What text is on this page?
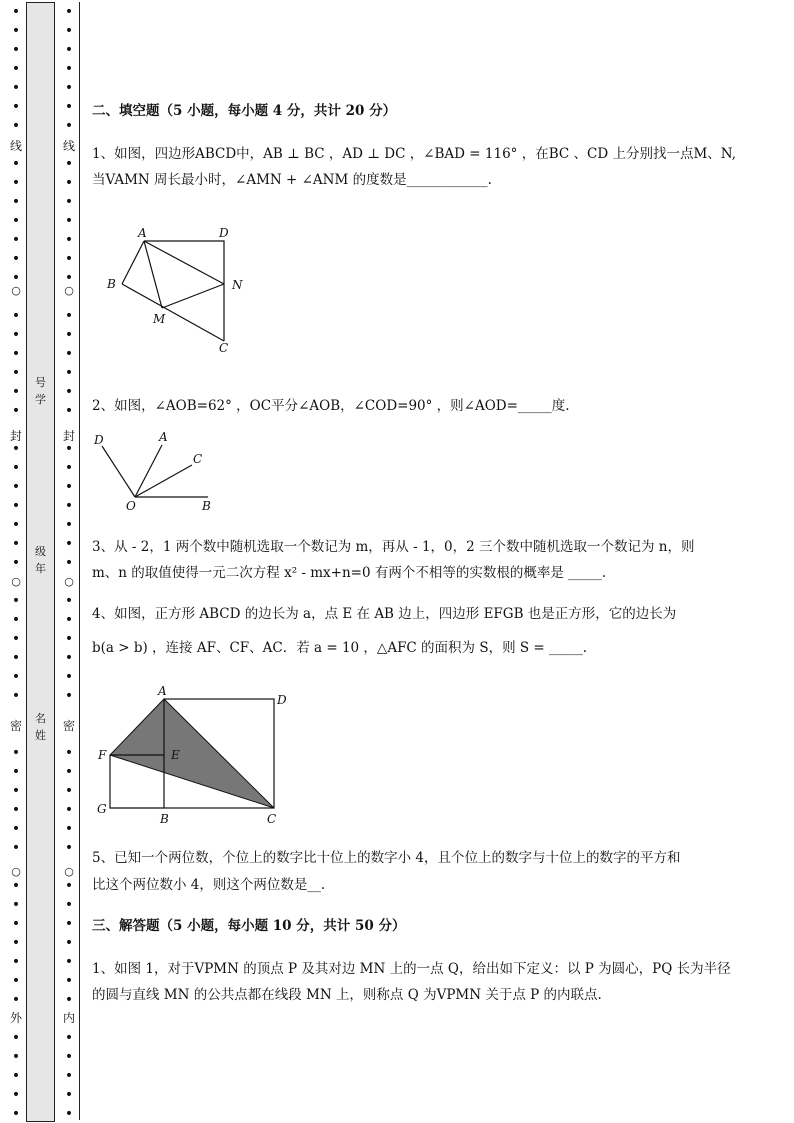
线
封
密
外
○
○
○
•
•
•
•
•
•
•
•
•
•
•
•
•
•
•
•
•
•
•
•
•
•
•
•
•
•
•
•
•
•
•
•
•
•
•
•
•
•
•
•
•
•
•
•
•
•
•
•
•
•
•
线
封
密
内
○
○
○
•
•
•
•
•
•
•
•
•
•
•
•
•
•
•
•
•
•
•
•
•
•
•
•
•
•
•
•
•
•
•
•
•
•
•
•
•
•
•
•
•
•
•
•
•
•
•
•
•
•
•
号
学
级
年
名
姓
二、填空题（5 小题，每小题 4 分，共计 20 分）
1、如图，四边形ABCD中，AB ⊥ BC ，AD ⊥ DC ，∠BAD = 116° ，在BC 、CD 上分别找一点M、N,
当VAMN 周长最小时，∠AMN + ∠ANM 的度数是____________.
A	D
B	N
M
C
2、如图，∠AOB=62° ，OC平分∠AOB，∠COD=90° ，则∠AOD=_____度.
D	A
C
O	B
3、从 - 2，1 两个数中随机选取一个数记为 m，再从 - 1，0，2 三个数中随机选取一个数记为 n，则
m、n 的取值使得一元二次方程 x² - mx+n=0 有两个不相等的实数根的概率是 _____.
4、如图，正方形 ABCD 的边长为 a，点 E 在 AB 边上，四边形 EFGB 也是正方形，它的边长为
b(a > b) ，连接 AF、CF、AC．若 a = 10 ，△AFC 的面积为 S，则 S = _____.
A
D
F	E
G
B	C
5、已知一个两位数，个位上的数字比十位上的数字小 4，且个位上的数字与十位上的数字的平方和
比这个两位数小 4，则这个两位数是__.
三、解答题（5 小题，每小题 10 分，共计 50 分）
1、如图 1，对于VPMN 的顶点 P 及其对边 MN 上的一点 Q，给出如下定义：以 P 为圆心，PQ 长为半径
的圆与直线 MN 的公共点都在线段 MN 上，则称点 Q 为VPMN 关于点 P 的内联点.
